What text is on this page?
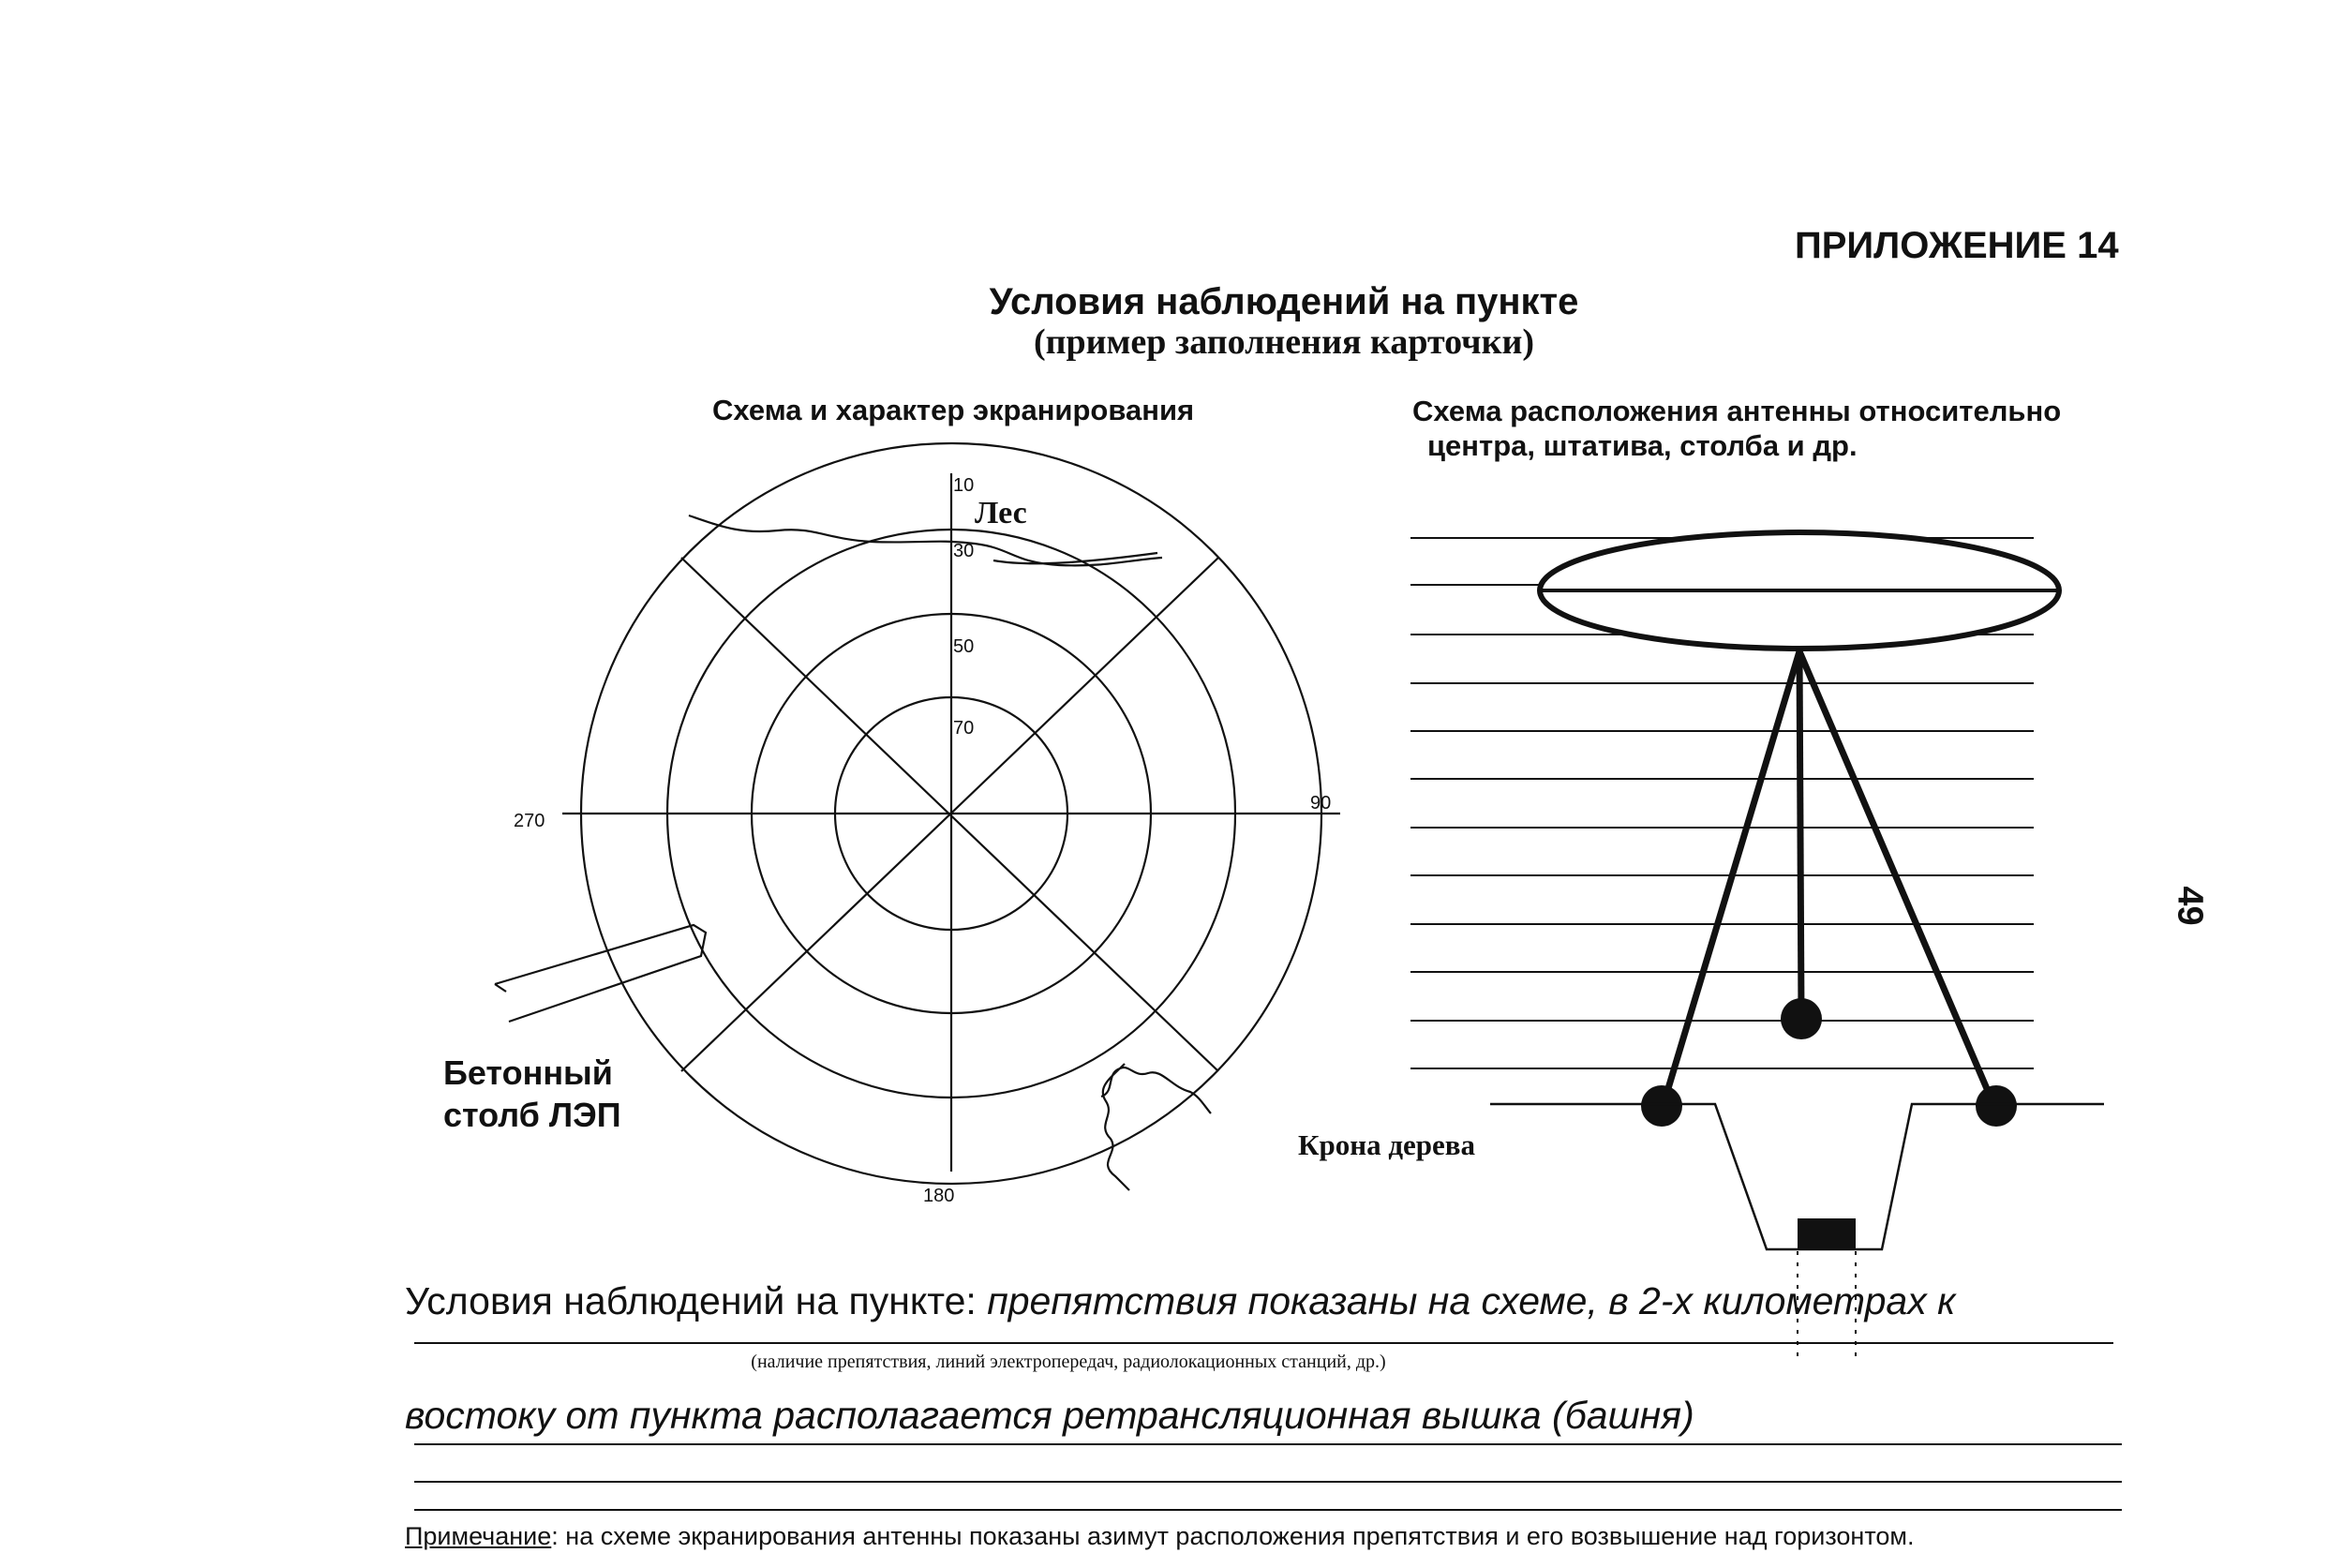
ПРИЛОЖЕНИЕ 14
Условия наблюдений на пункте
(пример заполнения карточки)
49
Схема и характер экранирования	Схема расположения антенны относительно
центра, штатива, столба и др.
10
30
50
70
90
180
270
Лес
Бетонный
столб ЛЭП
Крона дерева
Условия наблюдений на пункте: препятствия показаны на схеме, в 2-х километрах к
(наличие препятствия, линий электропередач, радиолокационных станций, др.)
востоку от пункта располагается ретрансляционная вышка (башня)
Примечание: на схеме экранирования антенны показаны азимут расположения препятствия и его возвышение над горизонтом.
